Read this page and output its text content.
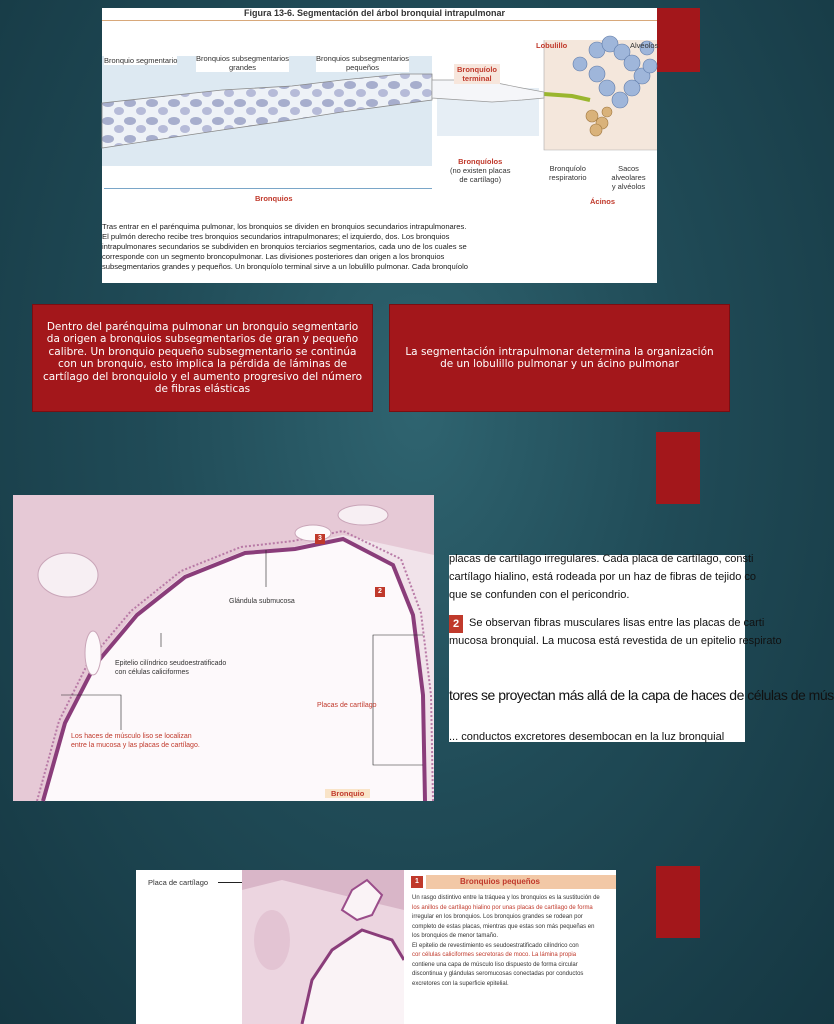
Figura 13-6. Segmentación del árbol bronquial intrapulmonar
Bronquio segmentario Bronquios subsegmentarios
grandes
Bronquios subsegmentarios
pequeños	Bronquíolo
terminal
Lobulillo	Alvéolos
Bronquíolos
(no existen placas
de cartílago)
Bronquios
Bronquíolo
respiratorio
Sacos alveolares
y alvéolos
Ácinos
Tras entrar en el parénquima pulmonar, los bronquios se dividen en bronquios secundarios intrapulmonares.
El pulmón derecho recibe tres bronquios secundarios intrapulmonares; el izquierdo, dos. Los bronquios
intrapulmonares secundarios se subdividen en bronquios terciarios segmentarios, cada uno de los cuales se
corresponde con un segmento broncopulmonar. Las divisiones posteriores dan origen a los bronquios
subsegmentarios grandes y pequeños. Un bronquíolo terminal sirve a un lobulillo pulmonar. Cada bronquíolo
Dentro del parénquima pulmonar un bronquio segmentario da origen a bronquios subsegmentarios de gran y pequeño calibre. Un bronquio pequeño subsegmentario se continúa con un bronquio, esto implica la pérdida de láminas de cartílago del bronquiolo y el aumento progresivo del número de fibras elásticas
La segmentación intrapulmonar determina la organización de un lobulillo pulmonar y un ácino pulmonar
3
2
Glándula submucosa
Epitelio cilíndrico seudoestratificado
con células caliciformes
Los haces de músculo liso se localizan
entre la mucosa y las placas de cartílago.
Placas de cartílago
Bronquio
placas de cartílago irregulares. Cada placa de cartílago, consti
cartílago hialino, está rodeada por un haz de fibras de tejido co
que se confunden con el pericondrio.
2 Se observan fibras musculares lisas entre las placas de carti
mucosa bronquial. La mucosa está revestida de un epitelio respirato
tores se proyectan más allá de la capa de haces de células de mús
... conductos excretores desembocan en la luz bronquial
Placa de cartílago	1	Bronquios pequeños
Un rasgo distintivo entre la tráquea y los bronquios es la sustitución de
los anillos de cartílago hialino por unas placas de cartílago de forma
irregular en los bronquios. Los bronquios grandes se rodean por
completo de estas placas, mientras que estas son más pequeñas en
los bronquios de menor tamaño.
El epitelio de revestimiento es seudoestratificado cilíndrico con
cor células caliciformes secretoras de moco. La lámina propia
contiene una capa de músculo liso dispuesto de forma circular
discontinua y glándulas seromucosas conectadas por conductos
excretores con la superficie epitelial.
